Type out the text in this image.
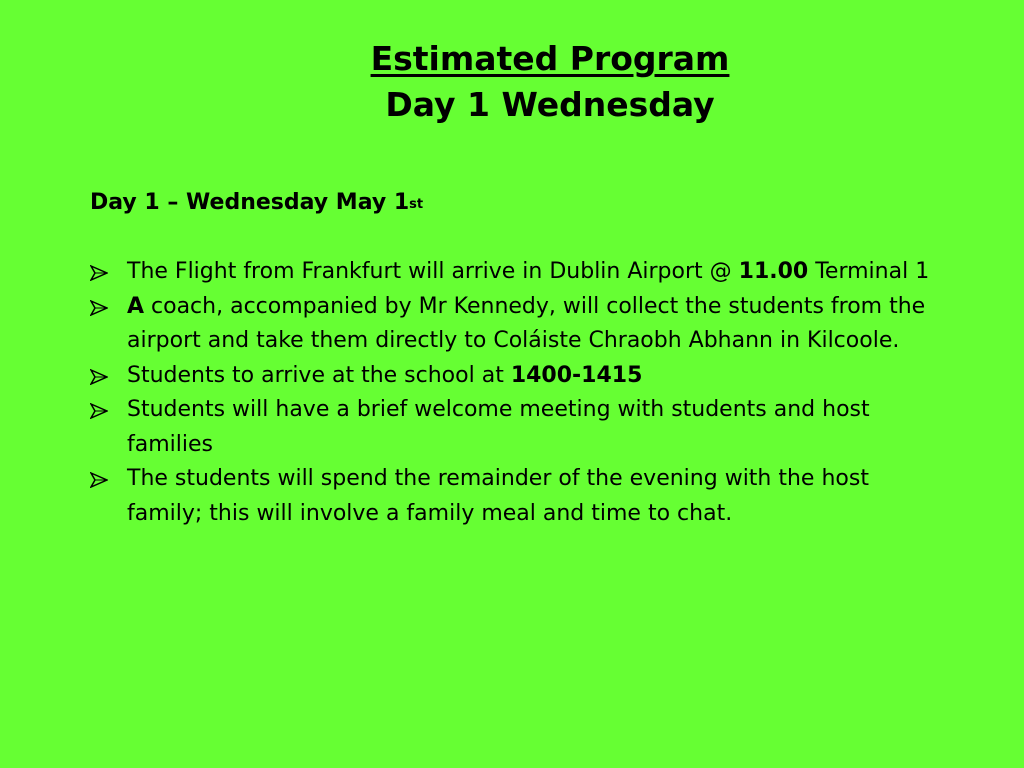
Estimated Program
Day 1 Wednesday
Day 1 – Wednesday May 1st
The Flight from Frankfurt will arrive in Dublin Airport @ 11.00 Terminal 1
A coach, accompanied by Mr Kennedy, will collect the students from the airport and take them directly to Coláiste Chraobh Abhann in Kilcoole.
Students to arrive at the school at 1400-1415
Students will have a brief welcome meeting with students and host families
The students will spend the remainder of the evening with the host family; this will involve a family meal and time to chat.
